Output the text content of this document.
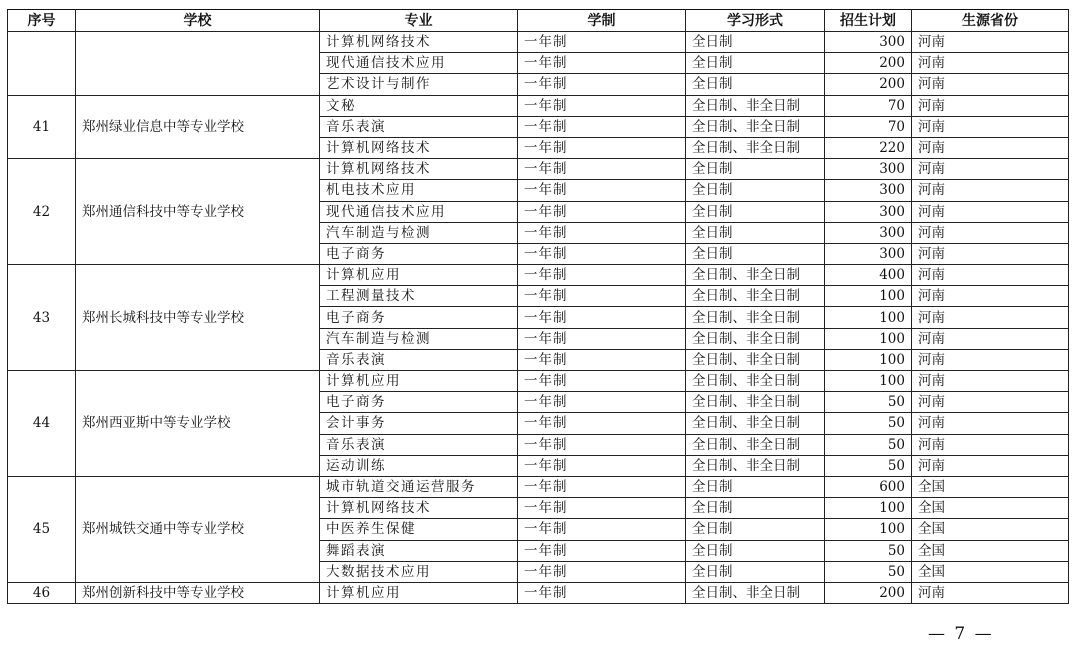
序号	学校	专业	学制	学习形式	招生计划	生源省份
		计算机网络技术	一年制	全日制	300	河南
		现代通信技术应用	一年制	全日制	200	河南
		艺术设计与制作	一年制	全日制	200	河南
41	郑州绿业信息中等专业学校	文秘	一年制	全日制、非全日制	70	河南
		音乐表演	一年制	全日制、非全日制	70	河南
		计算机网络技术	一年制	全日制、非全日制	220	河南
42	郑州通信科技中等专业学校	计算机网络技术	一年制	全日制	300	河南
		机电技术应用	一年制	全日制	300	河南
		现代通信技术应用	一年制	全日制	300	河南
		汽车制造与检测	一年制	全日制	300	河南
		电子商务	一年制	全日制	300	河南
43	郑州长城科技中等专业学校	计算机应用	一年制	全日制、非全日制	400	河南
		工程测量技术	一年制	全日制、非全日制	100	河南
		电子商务	一年制	全日制、非全日制	100	河南
		汽车制造与检测	一年制	全日制、非全日制	100	河南
		音乐表演	一年制	全日制、非全日制	100	河南
44	郑州西亚斯中等专业学校	计算机应用	一年制	全日制、非全日制	100	河南
		电子商务	一年制	全日制、非全日制	50	河南
		会计事务	一年制	全日制、非全日制	50	河南
		音乐表演	一年制	全日制、非全日制	50	河南
		运动训练	一年制	全日制、非全日制	50	河南
45	郑州城铁交通中等专业学校	城市轨道交通运营服务	一年制	全日制	600	全国
		计算机网络技术	一年制	全日制	100	全国
		中医养生保健	一年制	全日制	100	全国
		舞蹈表演	一年制	全日制	50	全国
		大数据技术应用	一年制	全日制	50	全国
46	郑州创新科技中等专业学校	计算机应用	一年制	全日制、非全日制	200	河南
— 7 —
